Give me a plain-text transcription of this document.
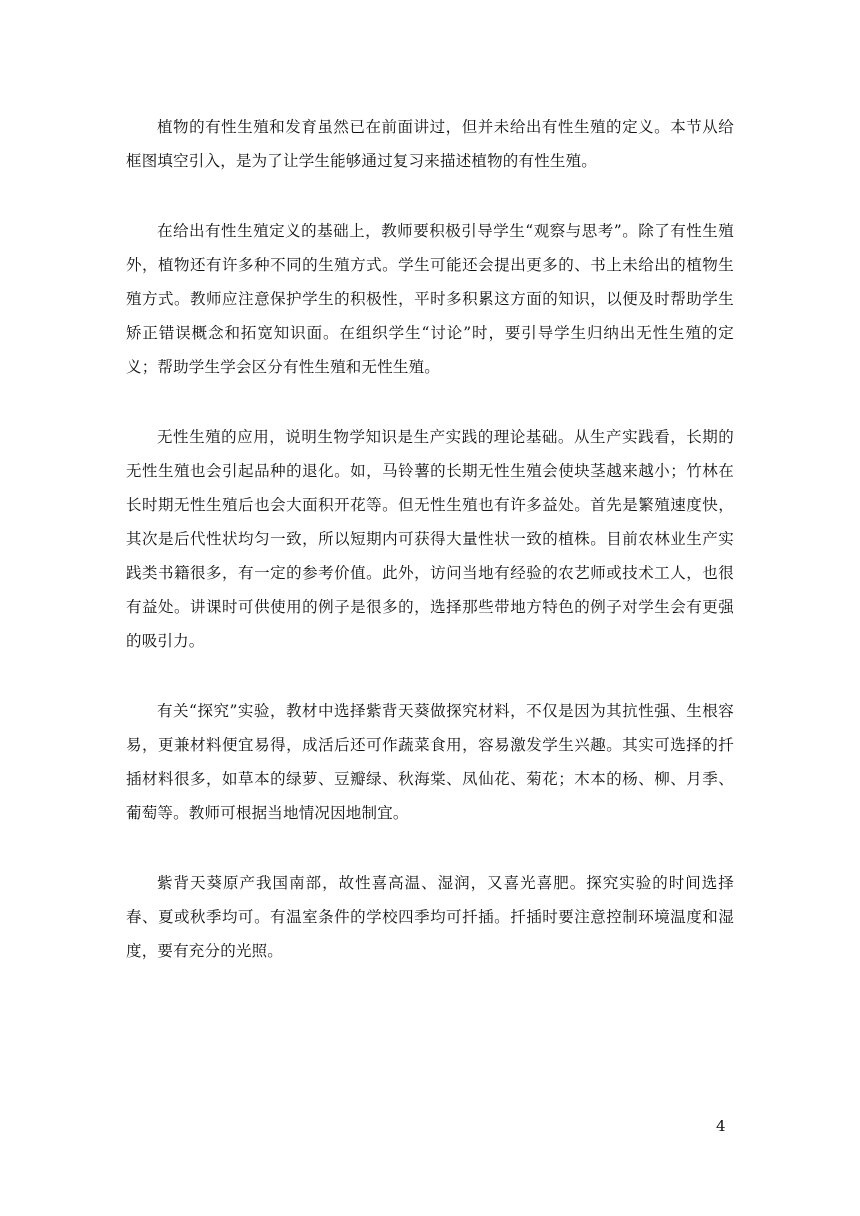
植物的有性生殖和发育虽然已在前面讲过，但并未给出有性生殖的定义。本节从给框图填空引入，是为了让学生能够通过复习来描述植物的有性生殖。

在给出有性生殖定义的基础上，教师要积极引导学生“观察与思考”。除了有性生殖外，植物还有许多种不同的生殖方式。学生可能还会提出更多的、书上未给出的植物生殖方式。教师应注意保护学生的积极性，平时多积累这方面的知识，以便及时帮助学生矫正错误概念和拓宽知识面。在组织学生“讨论”时，要引导学生归纳出无性生殖的定义；帮助学生学会区分有性生殖和无性生殖。

无性生殖的应用，说明生物学知识是生产实践的理论基础。从生产实践看，长期的无性生殖也会引起品种的退化。如，马铃薯的长期无性生殖会使块茎越来越小；竹林在长时期无性生殖后也会大面积开花等。但无性生殖也有许多益处。首先是繁殖速度快，其次是后代性状均匀一致，所以短期内可获得大量性状一致的植株。目前农林业生产实践类书籍很多，有一定的参考价值。此外，访问当地有经验的农艺师或技术工人，也很有益处。讲课时可供使用的例子是很多的，选择那些带地方特色的例子对学生会有更强的吸引力。

有关“探究”实验，教材中选择紫背天葵做探究材料，不仅是因为其抗性强、生根容易，更兼材料便宜易得，成活后还可作蔬菜食用，容易激发学生兴趣。其实可选择的扦插材料很多，如草本的绿萝、豆瓣绿、秋海棠、凤仙花、菊花；木本的杨、柳、月季、葡萄等。教师可根据当地情况因地制宜。

紫背天葵原产我国南部，故性喜高温、湿润，又喜光喜肥。探究实验的时间选择春、夏或秋季均可。有温室条件的学校四季均可扦插。扦插时要注意控制环境温度和湿度，要有充分的光照。

4
